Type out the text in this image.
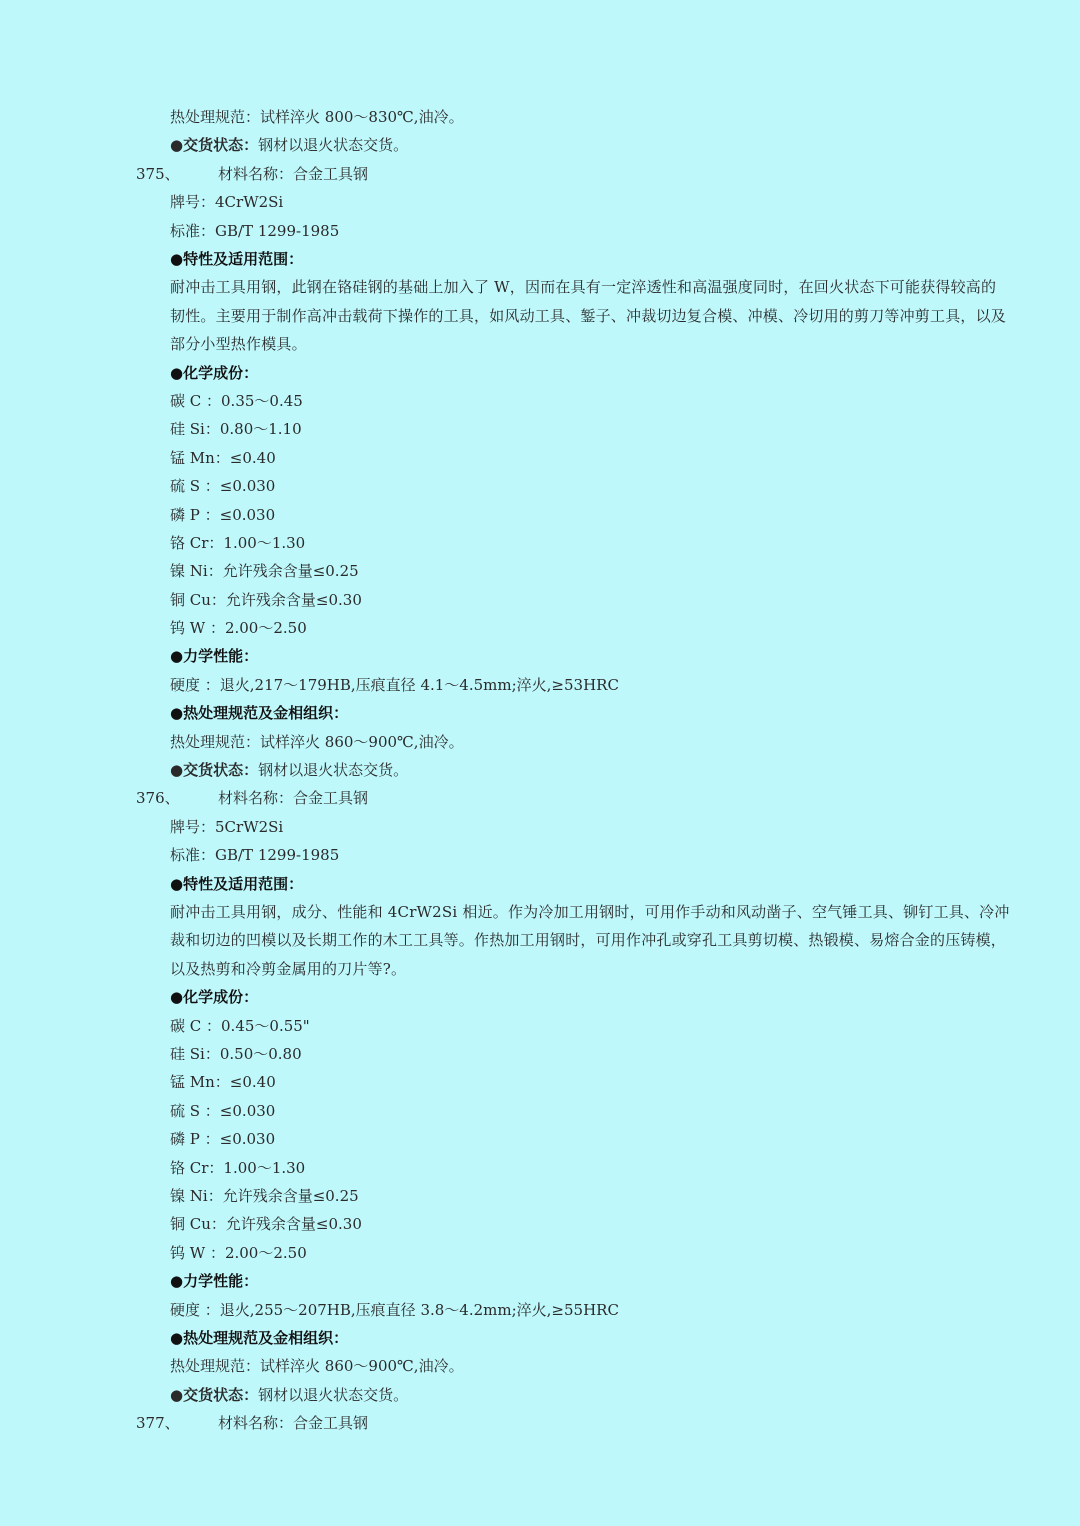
热处理规范：试样淬火 800～830℃,油冷。
●交货状态：钢材以退火状态交货。
375、	材料名称：合金工具钢
牌号：4CrW2Si
标准：GB/T 1299-1985
●特性及适用范围：
耐冲击工具用钢，此钢在铬硅钢的基础上加入了 W，因而在具有一定淬透性和高温强度同时，在回火状态下可能获得较高的韧性。主要用于制作高冲击载荷下操作的工具，如风动工具、錾子、冲裁切边复合模、冲模、冷切用的剪刀等冲剪工具，以及部分小型热作模具。
●化学成份：
碳 C ：0.35～0.45
硅 Si：0.80～1.10
锰 Mn：≤0.40
硫 S ：≤0.030
磷 P ：≤0.030
铬 Cr：1.00～1.30
镍 Ni：允许残余含量≤0.25
铜 Cu：允许残余含量≤0.30
钨 W ：2.00～2.50
●力学性能：
硬度 ：退火,217～179HB,压痕直径 4.1～4.5mm;淬火,≥53HRC
●热处理规范及金相组织：
热处理规范：试样淬火 860～900℃,油冷。
●交货状态：钢材以退火状态交货。
376、	材料名称：合金工具钢
牌号：5CrW2Si
标准：GB/T 1299-1985
●特性及适用范围：
耐冲击工具用钢，成分、性能和 4CrW2Si 相近。作为冷加工用钢时，可用作手动和风动凿子、空气锤工具、铆钉工具、冷冲裁和切边的凹模以及长期工作的木工工具等。作热加工用钢时，可用作冲孔或穿孔工具剪切模、热锻模、易熔合金的压铸模，以及热剪和冷剪金属用的刀片等?。
●化学成份：
碳 C ：0.45～0.55"
硅 Si：0.50～0.80
锰 Mn：≤0.40
硫 S ：≤0.030
磷 P ：≤0.030
铬 Cr：1.00～1.30
镍 Ni：允许残余含量≤0.25
铜 Cu：允许残余含量≤0.30
钨 W ：2.00～2.50
●力学性能：
硬度 ：退火,255～207HB,压痕直径 3.8～4.2mm;淬火,≥55HRC
●热处理规范及金相组织：
热处理规范：试样淬火 860～900℃,油冷。
●交货状态：钢材以退火状态交货。
377、	材料名称：合金工具钢
